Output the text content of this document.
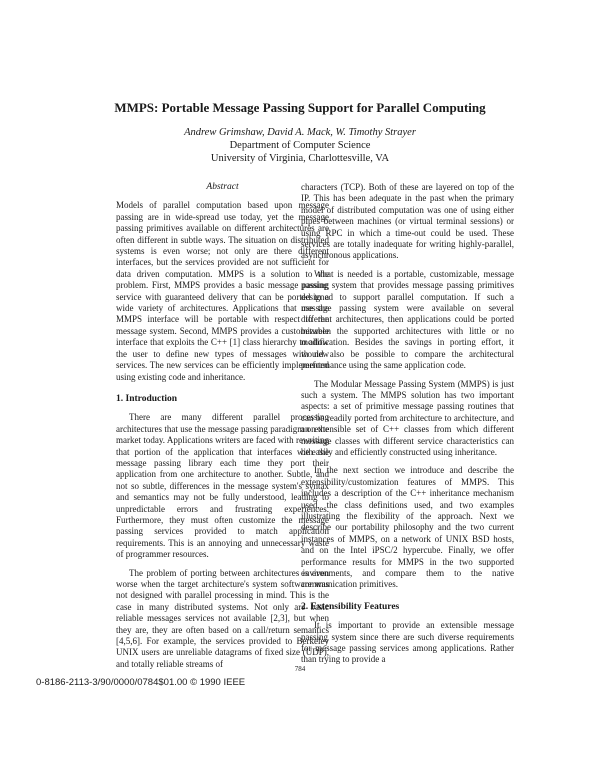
MMPS: Portable Message Passing Support for Parallel Computing
Andrew Grimshaw, David A. Mack, W. Timothy Strayer
Department of Computer Science
University of Virginia, Charlottesville, VA
Abstract

Models of parallel computation based upon message passing are in wide-spread use today, yet the message passing primitives available on different architectures are often different in subtle ways. The situation on distributed systems is even worse; not only are there different interfaces, but the services provided are not sufficient for data driven computation. MMPS is a solution to the problem. First, MMPS provides a basic message passing service with guaranteed delivery that can be ported to a wide variety of architectures. Applications that use the MMPS interface will be portable with respect to the message system. Second, MMPS provides a customizable interface that exploits the C++ [1] class hierarchy to allow the user to define new types of messages with new services. The new services can be efficiently implemented using existing code and inheritance.

1. Introduction

There are many different parallel processing architectures that use the message passing paradigm on the market today. Applications writers are faced with rewriting that portion of the application that interfaces with the message passing library each time they port their application from one architecture to another. Subtle, and not so subtle, differences in the message system's syntax and semantics may not be fully understood, leading to unpredictable errors and frustrating experiences. Furthermore, they must often customize the message passing services provided to match application requirements. This is an annoying and unnecessary waste of programmer resources.

The problem of porting between architectures is even worse when the target architecture's system software was not designed with parallel processing in mind. This is the case in many distributed systems. Not only are basic reliable messages services not available [2,3], but when they are, they are often based on a call/return semantics [4,5,6]. For example, the services provided to Berkeley UNIX users are unreliable datagrams of fixed size (UDP), and totally reliable streams of

characters (TCP). Both of these are layered on top of the IP. This has been adequate in the past when the primary model of distributed computation was one of using either pipes between machines (or virtual terminal sessions) or using RPC in which a time-out could be used. These services are totally inadequate for writing highly-parallel, asynchronous applications.

What is needed is a portable, customizable, message passing system that provides message passing primitives designed to support parallel computation. If such a message passing system were available on several different architectures, then applications could be ported between the supported architectures with little or no modification. Besides the savings in porting effort, it would also be possible to compare the architectural performance using the same application code.

The Modular Message Passing System (MMPS) is just such a system. The MMPS solution has two important aspects: a set of primitive message passing routines that can be readily ported from architecture to architecture, and an extensible set of C++ classes from which different message classes with different service characteristics can be easily and efficiently constructed using inheritance.

In the next section we introduce and describe the extensibility/customization features of MMPS. This includes a description of the C++ inheritance mechanism used, the class definitions used, and two examples illustrating the flexibility of the approach. Next we describe our portability philosophy and the two current instances of MMPS, on a network of UNIX BSD hosts, and on the Intel iPSC/2 hypercube. Finally, we offer performance results for MMPS in the two supported environments, and compare them to the native communication primitives.

2. Extensibility Features

It is important to provide an extensible message passing system since there are such diverse requirements for message passing services among applications. Rather than trying to provide a

784
0-8186-2113-3/90/0000/0784$01.00 © 1990 IEEE
